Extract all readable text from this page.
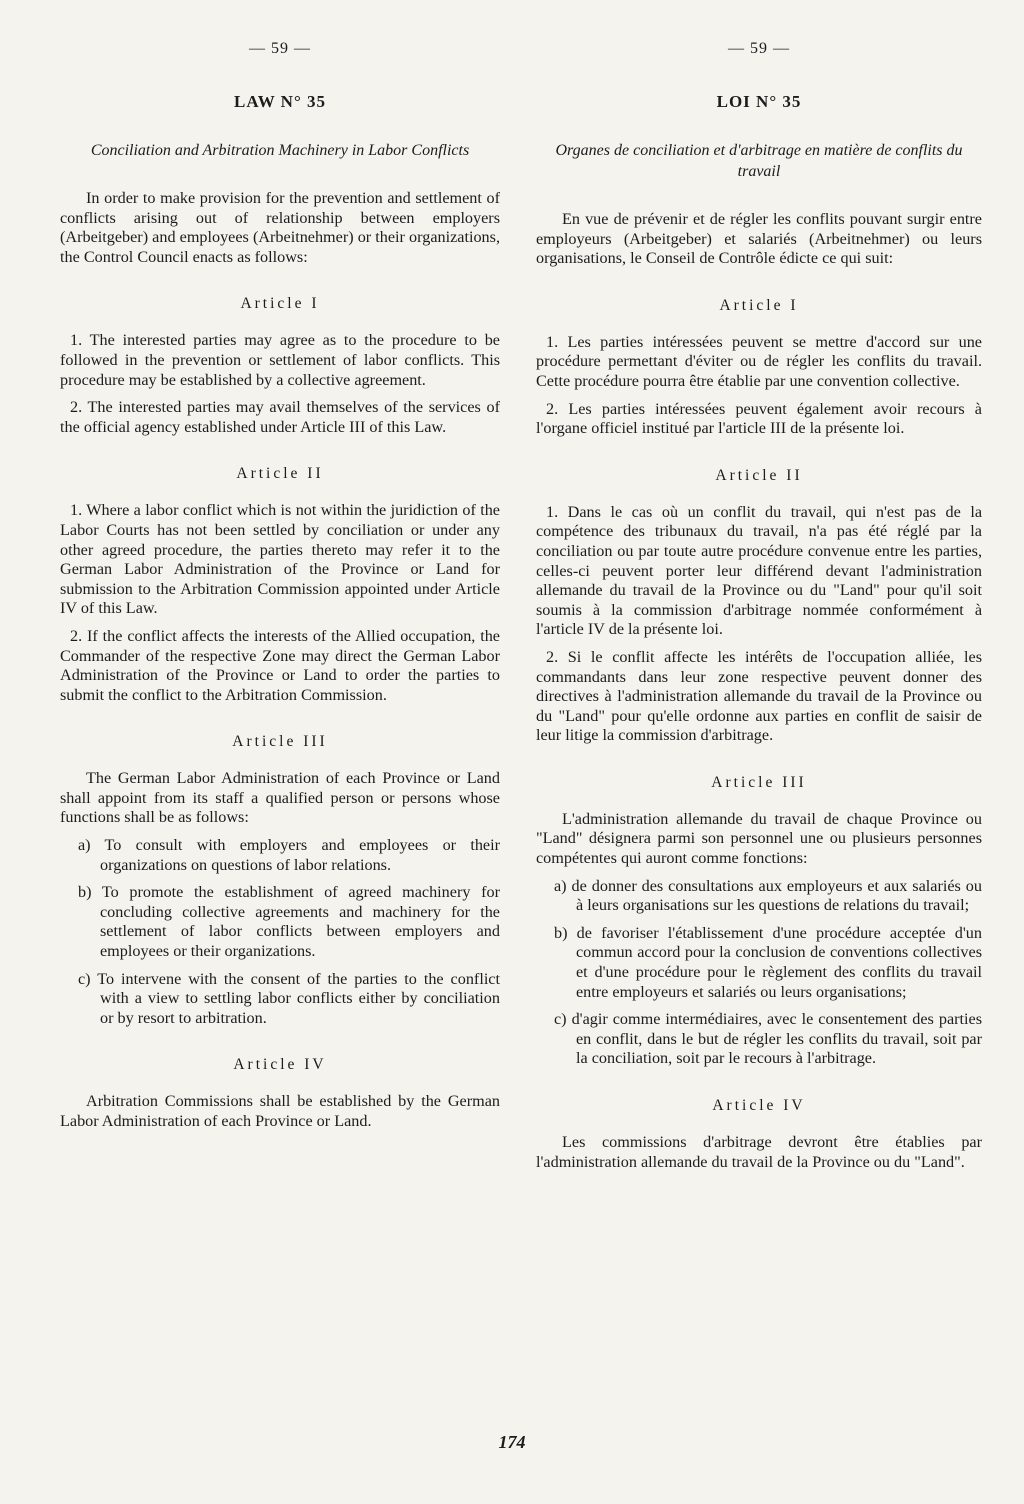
— 59 —
LAW N° 35
Conciliation and Arbitration Machinery in Labor Conflicts

In order to make provision for the prevention and settlement of conflicts arising out of relationship between employers (Arbeitgeber) and employees (Arbeitnehmer) or their organizations, the Control Council enacts as follows:

Article I

1. The interested parties may agree as to the procedure to be followed in the prevention or settlement of labor conflicts. This procedure may be established by a collective agreement.

2. The interested parties may avail themselves of the services of the official agency established under Article III of this Law.

Article II

1. Where a labor conflict which is not within the juridiction of the Labor Courts has not been settled by conciliation or under any other agreed procedure, the parties thereto may refer it to the German Labor Administration of the Province or Land for submission to the Arbitration Commission appointed under Article IV of this Law.

2. If the conflict affects the interests of the Allied occupation, the Commander of the respective Zone may direct the German Labor Administration of the Province or Land to order the parties to submit the conflict to the Arbitration Commission.

Article III

The German Labor Administration of each Province or Land shall appoint from its staff a qualified person or persons whose functions shall be as follows:

a) To consult with employers and employees or their organizations on questions of labor relations.

b) To promote the establishment of agreed machinery for concluding collective agreements and machinery for the settlement of labor conflicts between employers and employees or their organizations.

c) To intervene with the consent of the parties to the conflict with a view to settling labor conflicts either by conciliation or by resort to arbitration.

Article IV

Arbitration Commissions shall be established by the German Labor Administration of each Province or Land.

— 59 —
LOI N° 35
Organes de conciliation et d'arbitrage en matière de conflits du travail

En vue de prévenir et de régler les conflits pouvant surgir entre employeurs (Arbeitgeber) et salariés (Arbeitnehmer) ou leurs organisations, le Conseil de Contrôle édicte ce qui suit:

Article I

1. Les parties intéressées peuvent se mettre d'accord sur une procédure permettant d'éviter ou de régler les conflits du travail. Cette procédure pourra être établie par une convention collective.

2. Les parties intéressées peuvent également avoir recours à l'organe officiel institué par l'article III de la présente loi.

Article II

1. Dans le cas où un conflit du travail, qui n'est pas de la compétence des tribunaux du travail, n'a pas été réglé par la conciliation ou par toute autre procédure convenue entre les parties, celles-ci peuvent porter leur différend devant l'administration allemande du travail de la Province ou du "Land" pour qu'il soit soumis à la commission d'arbitrage nommée conformément à l'article IV de la présente loi.

2. Si le conflit affecte les intérêts de l'occupation alliée, les commandants dans leur zone respective peuvent donner des directives à l'administration allemande du travail de la Province ou du "Land" pour qu'elle ordonne aux parties en conflit de saisir de leur litige la commission d'arbitrage.

Article III

L'administration allemande du travail de chaque Province ou "Land" désignera parmi son personnel une ou plusieurs personnes compétentes qui auront comme fonctions:

a) de donner des consultations aux employeurs et aux salariés ou à leurs organisations sur les questions de relations du travail;

b) de favoriser l'établissement d'une procédure acceptée d'un commun accord pour la conclusion de conventions collectives et d'une procédure pour le règlement des conflits du travail entre employeurs et salariés ou leurs organisations;

c) d'agir comme intermédiaires, avec le consentement des parties en conflit, dans le but de régler les conflits du travail, soit par la conciliation, soit par le recours à l'arbitrage.

Article IV

Les commissions d'arbitrage devront être établies par l'administration allemande du travail de la Province ou du "Land".

174
